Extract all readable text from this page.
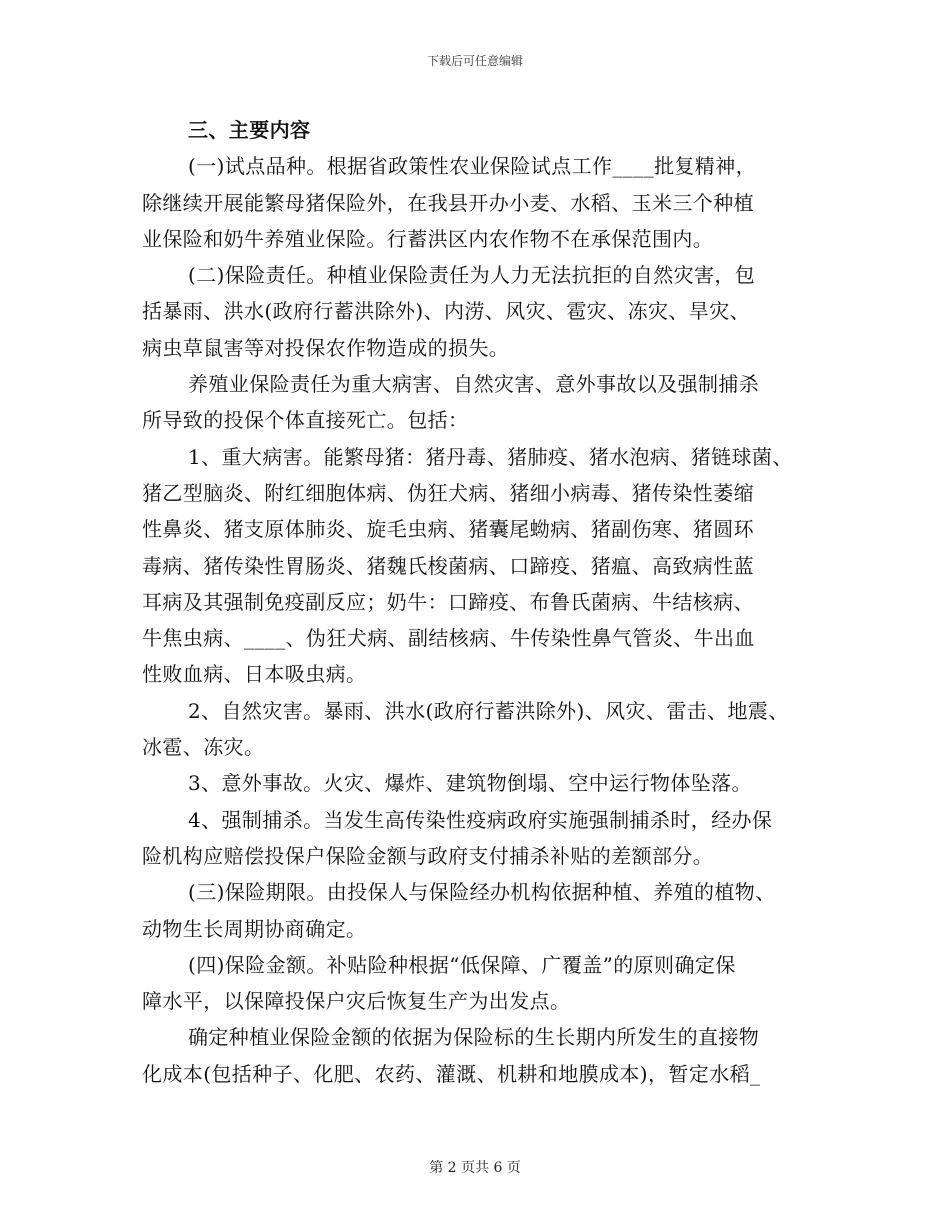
下载后可任意编辑
三、主要内容
(一)试点品种。根据省政策性农业保险试点工作____批复精神，
除继续开展能繁母猪保险外，在我县开办小麦、水稻、玉米三个种植
业保险和奶牛养殖业保险。行蓄洪区内农作物不在承保范围内。
(二)保险责任。种植业保险责任为人力无法抗拒的自然灾害，包
括暴雨、洪水(政府行蓄洪除外)、内涝、风灾、雹灾、冻灾、旱灾、
病虫草鼠害等对投保农作物造成的损失。
养殖业保险责任为重大病害、自然灾害、意外事故以及强制捕杀
所导致的投保个体直接死亡。包括：
1、重大病害。能繁母猪：猪丹毒、猪肺疫、猪水泡病、猪链球菌、
猪乙型脑炎、附红细胞体病、伪狂犬病、猪细小病毒、猪传染性萎缩
性鼻炎、猪支原体肺炎、旋毛虫病、猪囊尾蚴病、猪副伤寒、猪圆环
毒病、猪传染性胃肠炎、猪魏氏梭菌病、口蹄疫、猪瘟、高致病性蓝
耳病及其强制免疫副反应；奶牛：口蹄疫、布鲁氏菌病、牛结核病、
牛焦虫病、____、伪狂犬病、副结核病、牛传染性鼻气管炎、牛出血
性败血病、日本吸虫病。
2、自然灾害。暴雨、洪水(政府行蓄洪除外)、风灾、雷击、地震、
冰雹、冻灾。
3、意外事故。火灾、爆炸、建筑物倒塌、空中运行物体坠落。
4、强制捕杀。当发生高传染性疫病政府实施强制捕杀时，经办保
险机构应赔偿投保户保险金额与政府支付捕杀补贴的差额部分。
(三)保险期限。由投保人与保险经办机构依据种植、养殖的植物、
动物生长周期协商确定。
(四)保险金额。补贴险种根据“低保障、广覆盖”的原则确定保
障水平，以保障投保户灾后恢复生产为出发点。
确定种植业保险金额的依据为保险标的生长期内所发生的直接物
化成本(包括种子、化肥、农药、灌溉、机耕和地膜成本)，暂定水稻_
第 2 页共 6 页
